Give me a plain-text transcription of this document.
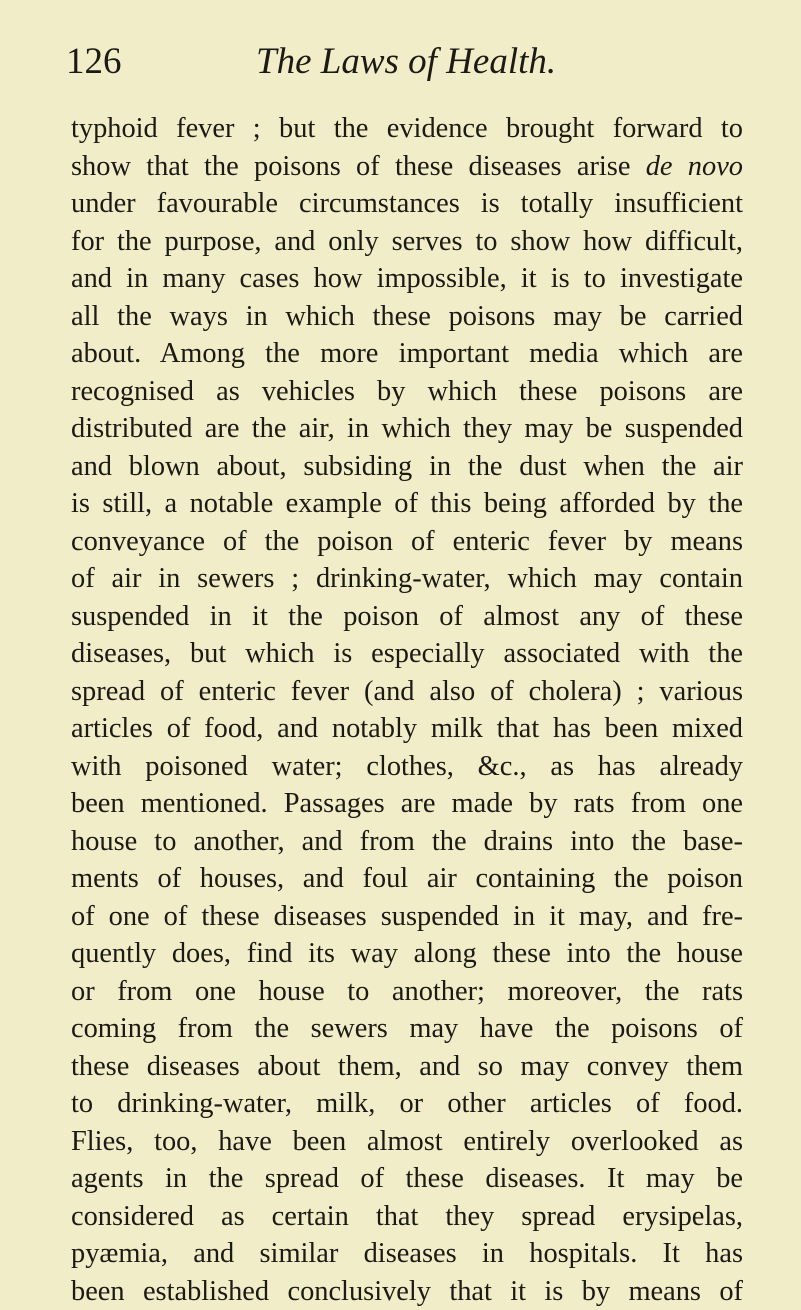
126	The Laws of Health.
typhoid fever ; but the evidence brought forward to
show that the poisons of these diseases arise de novo
under favourable circumstances is totally insufficient
for the purpose, and only serves to show how difficult,
and in many cases how impossible, it is to investigate
all the ways in which these poisons may be carried
about. Among the more important media which are
recognised as vehicles by which these poisons are
distributed are the air, in which they may be suspended
and blown about, subsiding in the dust when the air
is still, a notable example of this being afforded by the
conveyance of the poison of enteric fever by means
of air in sewers ; drinking-water, which may contain
suspended in it the poison of almost any of these
diseases, but which is especially associated with the
spread of enteric fever (and also of cholera) ; various
articles of food, and notably milk that has been mixed
with poisoned water; clothes, &c., as has already
been mentioned. Passages are made by rats from one
house to another, and from the drains into the base-
ments of houses, and foul air containing the poison
of one of these diseases suspended in it may, and fre-
quently does, find its way along these into the house
or from one house to another; moreover, the rats
coming from the sewers may have the poisons of
these diseases about them, and so may convey them
to drinking-water, milk, or other articles of food.
Flies, too, have been almost entirely overlooked as
agents in the spread of these diseases. It may be
considered as certain that they spread erysipelas,
pyæmia, and similar diseases in hospitals. It has
been established conclusively that it is by means of
